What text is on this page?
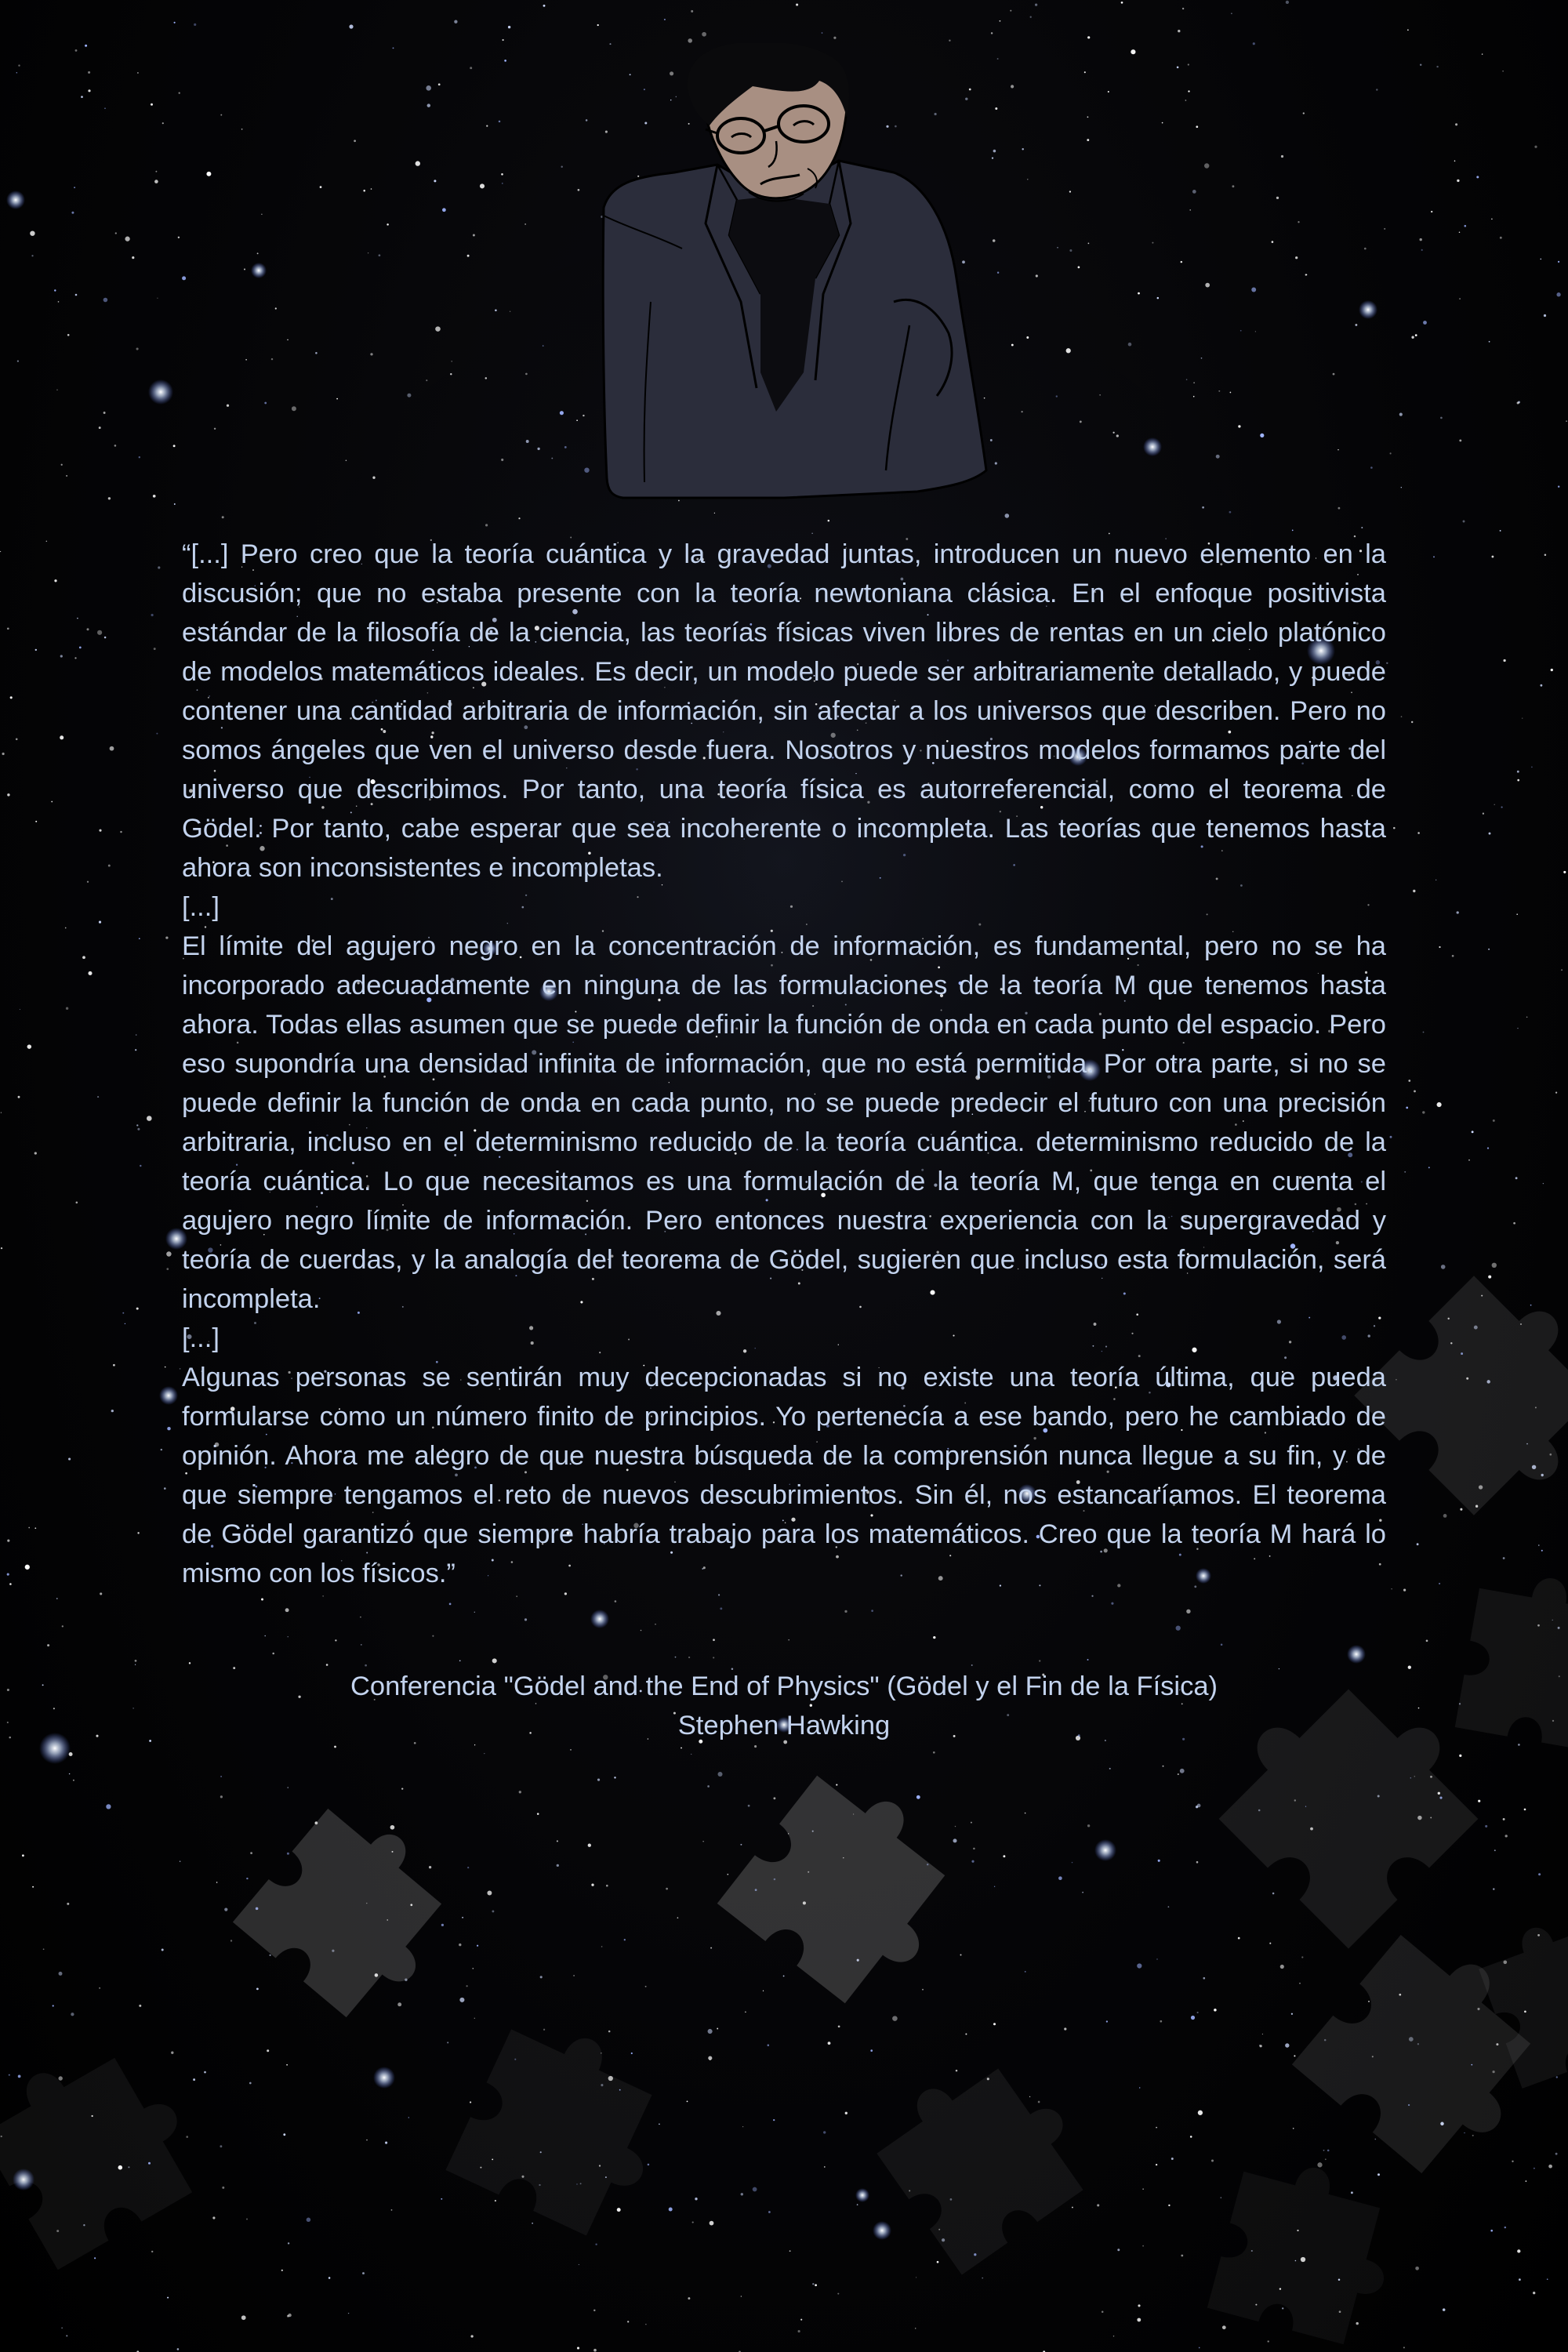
“[...] Pero creo que la teoría cuántica y la gravedad juntas, introducen un nuevo elemento en la discusión; que no estaba presente con la teoría newtoniana clásica. En el enfoque positivista estándar de la filosofía de la ciencia, las teorías físicas viven libres de rentas en un cielo platónico de modelos matemáticos ideales. Es decir, un modelo puede ser arbitrariamente detallado, y puede contener una cantidad arbitraria de información, sin afectar a los universos que describen. Pero no somos ángeles que ven el universo desde fuera. Nosotros y nuestros modelos formamos parte del universo que describimos. Por tanto, una teoría física es autorreferencial, como el teorema de Gödel. Por tanto, cabe esperar que sea incoherente o incompleta. Las teorías que tenemos hasta ahora son inconsistentes e incompletas.

[...]

El límite del agujero negro en la concentración de información, es fundamental, pero no se ha incorporado adecuadamente en ninguna de las formulaciones de la teoría M que tenemos hasta ahora. Todas ellas asumen que se puede definir la función de onda en cada punto del espacio. Pero eso supondría una densidad infinita de información, que no está permitida. Por otra parte, si no se puede definir la función de onda en cada punto, no se puede predecir el futuro con una precisión arbitraria, incluso en el determinismo reducido de la teoría cuántica. determinismo reducido de la teoría cuántica. Lo que necesitamos es una formulación de la teoría M, que tenga en cuenta el agujero negro límite de información. Pero entonces nuestra experiencia con la supergravedad y teoría de cuerdas, y la analogía del teorema de Gödel, sugieren que incluso esta formulación, será incompleta.

[...]

Algunas personas se sentirán muy decepcionadas si no existe una teoría última, que pueda formularse como un número finito de principios. Yo pertenecía a ese bando, pero he cambiado de opinión. Ahora me alegro de que nuestra búsqueda de la comprensión nunca llegue a su fin, y de que siempre tengamos el reto de nuevos descubrimientos. Sin él, nos estancaríamos. El teorema de Gödel garantizó que siempre habría trabajo para los matemáticos. Creo que la teoría M hará lo mismo con los físicos.”

Conferencia "Gödel and the End of Physics" (Gödel y el Fin de la Física)
Stephen Hawking
